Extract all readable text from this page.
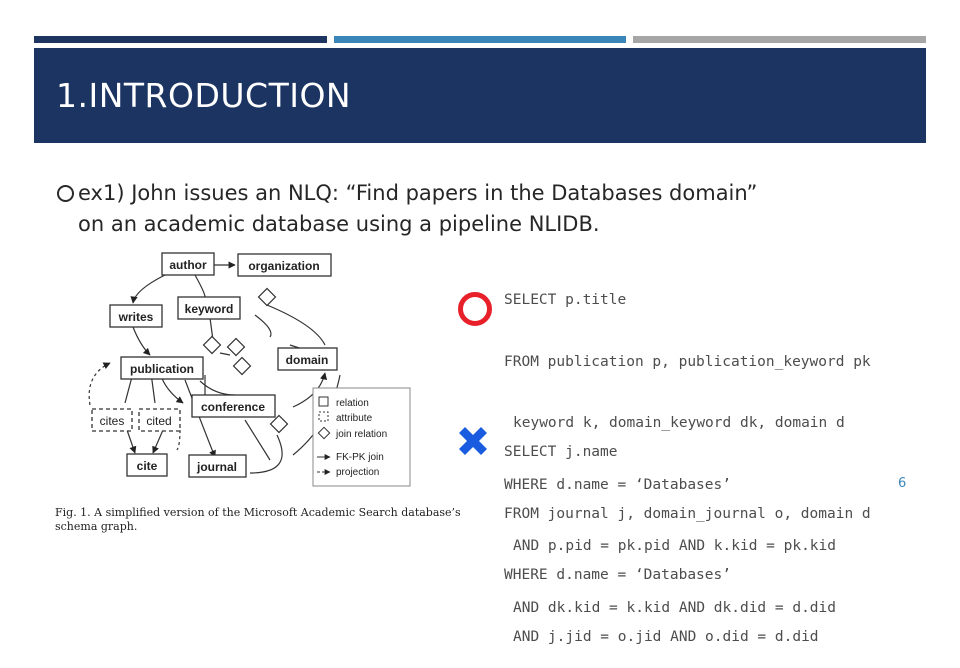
1.INTRODUCTION
ex1) John issues an NLQ: “Find papers in the Databases domain”
on an academic database using a pipeline NLIDB.
author	organization
keyword
writes
domain
publication
conference
cite	journal
cites cited
relation
attribute
join relation
FK-PK join
projection
Fig. 1. A simplified version of the Microsoft Academic Search database’s schema graph.

SELECT p.title

FROM publication p, publication_keyword pk

keyword k, domain_keyword dk, domain d

WHERE d.name = ‘Databases’

AND p.pid = pk.pid AND k.kid = pk.kid

AND dk.kid = k.kid AND dk.did = d.did

SELECT j.name

FROM journal j, domain_journal o, domain d

WHERE d.name = ‘Databases’

AND j.jid = o.jid AND o.did = d.did

6
